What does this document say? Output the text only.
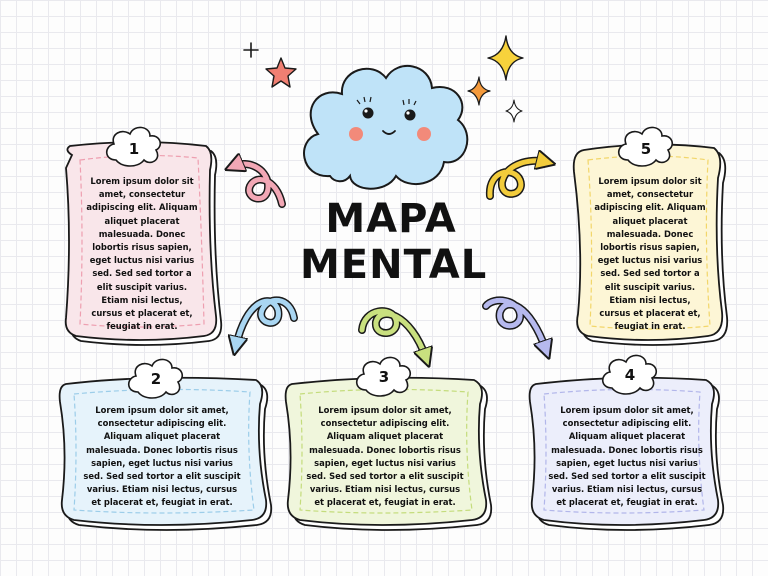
MAPA
MENTAL
1
2	3	4
5
Lorem ipsum dolor sit amet, consectetur adipiscing elit. Aliquam aliquet placerat malesuada. Donec lobortis risus sapien, eget luctus nisi varius sed. Sed sed tortor a elit suscipit varius. Etiam nisi lectus, cursus et placerat et, feugiat in erat.
Lorem ipsum dolor sit amet, consectetur adipiscing elit. Aliquam aliquet placerat malesuada. Donec lobortis risus sapien, eget luctus nisi varius sed. Sed sed tortor a elit suscipit varius. Etiam nisi lectus, cursus et placerat et, feugiat in erat.
Lorem ipsum dolor sit amet, consectetur adipiscing elit. Aliquam aliquet placerat malesuada. Donec lobortis risus sapien, eget luctus nisi varius sed. Sed sed tortor a elit suscipit varius. Etiam nisi lectus, cursus et placerat et, feugiat in erat.
Lorem ipsum dolor sit amet, consectetur adipiscing elit. Aliquam aliquet placerat malesuada. Donec lobortis risus sapien, eget luctus nisi varius sed. Sed sed tortor a elit suscipit varius. Etiam nisi lectus, cursus et placerat et, feugiat in erat.
Lorem ipsum dolor sit amet, consectetur adipiscing elit. Aliquam aliquet placerat malesuada. Donec lobortis risus sapien, eget luctus nisi varius sed. Sed sed tortor a elit suscipit varius. Etiam nisi lectus, cursus et placerat et, feugiat in erat.
